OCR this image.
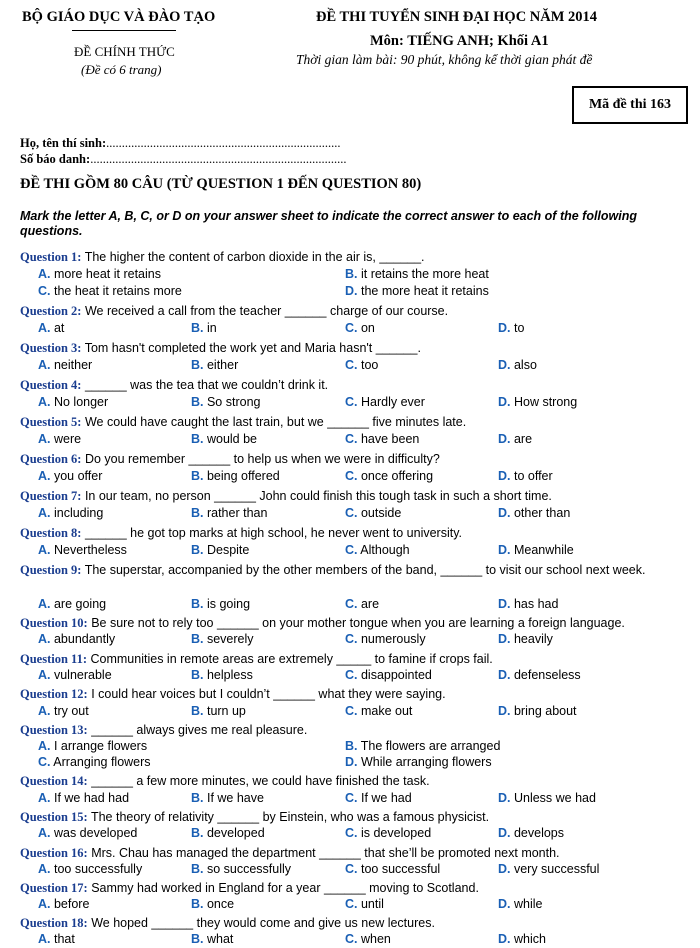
BỘ GIÁO DỤC VÀ ĐÀO TẠO
ĐỀ CHÍNH THỨC
(Đề có 6 trang)
ĐỀ THI TUYỂN SINH ĐẠI HỌC NĂM 2014
Môn: TIẾNG ANH; Khối A1
Thời gian làm bài: 90 phút, không kể thời gian phát đề
Mã đề thi 163
Họ, tên thí sinh:...........................................................................
Số báo danh:..................................................................................
ĐỀ THI GỒM 80 CÂU (TỪ QUESTION 1 ĐẾN QUESTION 80)
Mark the letter A, B, C, or D on your answer sheet to indicate the correct answer to each of the following questions.
Question 1: The higher the content of carbon dioxide in the air is, ______.
A. more heat it retains	B. it retains the more heat
C. the heat it retains more	D. the more heat it retains
Question 2: We received a call from the teacher ______ charge of our course.
A. at	B. in	C. on	D. to
Question 3: Tom hasn't completed the work yet and Maria hasn't ______.
A. neither	B. either	C. too	D. also
Question 4: ______ was the tea that we couldn’t drink it.
A. No longer	B. So strong	C. Hardly ever	D. How strong
Question 5: We could have caught the last train, but we ______ five minutes late.
A. were	B. would be	C. have been	D. are
Question 6: Do you remember ______ to help us when we were in difficulty?
A. you offer	B. being offered	C. once offering	D. to offer
Question 7: In our team, no person ______ John could finish this tough task in such a short time.
A. including	B. rather than	C. outside	D. other than
Question 8: ______ he got top marks at high school, he never went to university.
A. Nevertheless	B. Despite	C. Although	D. Meanwhile
Question 9: The superstar, accompanied by the other members of the band, ______ to visit our school next week.
A. are going	B. is going	C. are	D. has had
Question 10: Be sure not to rely too ______ on your mother tongue when you are learning a foreign language.
A. abundantly	B. severely	C. numerously	D. heavily
Question 11: Communities in remote areas are extremely _____ to famine if crops fail.
A. vulnerable	B. helpless	C. disappointed	D. defenseless
Question 12: I could hear voices but I couldn’t ______ what they were saying.
A. try out	B. turn up	C. make out	D. bring about
Question 13: ______ always gives me real pleasure.
A. I arrange flowers	B. The flowers are arranged
C. Arranging flowers	D. While arranging flowers
Question 14: ______ a few more minutes, we could have finished the task.
A. If we had had	B. If we have	C. If we had	D. Unless we had
Question 15: The theory of relativity ______ by Einstein, who was a famous physicist.
A. was developed	B. developed	C. is developed	D. develops
Question 16: Mrs. Chau has managed the department ______ that she’ll be promoted next month.
A. too successfully	B. so successfully	C. too successful	D. very successful
Question 17: Sammy had worked in England for a year ______ moving to Scotland.
A. before	B. once	C. until	D. while
Question 18: We hoped ______ they would come and give us new lectures.
A. that	B. what	C. when	D. which
